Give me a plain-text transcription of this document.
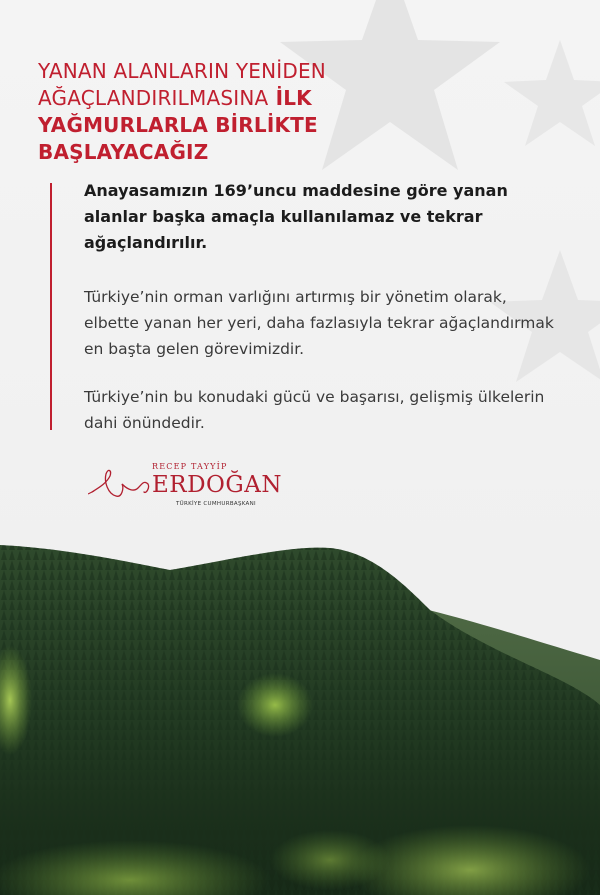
YANAN ALANLARIN YENİDEN
AĞAÇLANDIRILMASINA İLK
YAĞMURLARLA BİRLİKTE
BAŞLAYACAĞIZ

Anayasamızın 169’uncu maddesine göre yanan alanlar başka amaçla kullanılamaz ve tekrar ağaçlandırılır.

Türkiye’nin orman varlığını artırmış bir yönetim olarak, elbette yanan her yeri, daha fazlasıyla tekrar ağaçlandırmak en başta gelen görevimizdir.

Türkiye’nin bu konudaki gücü ve başarısı, gelişmiş ülkelerin dahi önündedir.

RECEP TAYYİP
ERDOĞAN
TÜRKİYE CUMHURBAŞKANI
